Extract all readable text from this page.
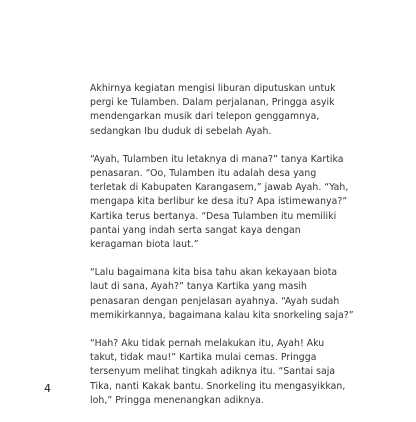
Akhirnya kegiatan mengisi liburan diputuskan untuk
pergi ke Tulamben. Dalam perjalanan, Pringga asyik
mendengarkan musik dari telepon genggamnya,
sedangkan Ibu duduk di sebelah Ayah.

“Ayah, Tulamben itu letaknya di mana?” tanya Kartika
penasaran. “Oo, Tulamben itu adalah desa yang
terletak di Kabupaten Karangasem,” jawab Ayah. “Yah,
mengapa kita berlibur ke desa itu? Apa istimewanya?”
Kartika terus bertanya. “Desa Tulamben itu memiliki
pantai yang indah serta sangat kaya dengan
keragaman biota laut.”

“Lalu bagaimana kita bisa tahu akan kekayaan biota
laut di sana, Ayah?” tanya Kartika yang masih
penasaran dengan penjelasan ayahnya. “Ayah sudah
memikirkannya, bagaimana kalau kita snorkeling saja?”

“Hah? Aku tidak pernah melakukan itu, Ayah! Aku
takut, tidak mau!” Kartika mulai cemas. Pringga
tersenyum melihat tingkah adiknya itu. “Santai saja
Tika, nanti Kakak bantu. Snorkeling itu mengasyikkan,
loh,” Pringga menenangkan adiknya.

4
